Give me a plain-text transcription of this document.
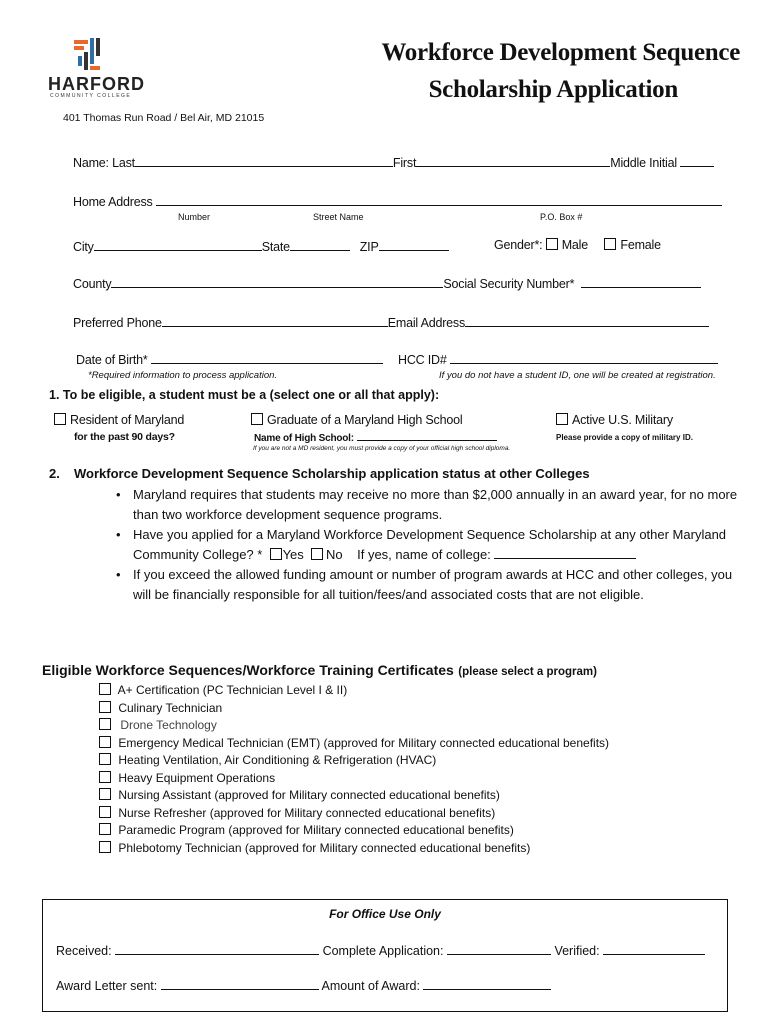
HARFORD
COMMUNITY COLLEGE
Workforce Development Sequence
Scholarship Application
401 Thomas Run Road / Bel Air, MD 21015
Name: Last	First	Middle Initial
Home Address
Number	Street Name	P.O. Box #
City	State	ZIP	Gender*: Male	Female
County	Social Security Number*
Preferred Phone	Email Address
Date of Birth*	HCC ID#
*Required information to process application.	If you do not have a student ID, one will be created at registration.
1. To be eligible, a student must be a (select one or all that apply):
Resident of Maryland
for the past 90 days?
Graduate of a Maryland High School
Name of High School:
If you are not a MD resident, you must provide a copy of your official high school diploma.
Active U.S. Military
Please provide a copy of military ID.
2. Workforce Development Sequence Scholarship application status at other Colleges
• Maryland requires that students may receive no more than $2,000 annually in an award year, for no more than two workforce development sequence programs.
• Have you applied for a Maryland Workforce Development Sequence Scholarship at any other Maryland Community College? * Yes No If yes, name of college:
• If you exceed the allowed funding amount or number of program awards at HCC and other colleges, you will be financially responsible for all tuition/fees/and associated costs that are not eligible.
Eligible Workforce Sequences/Workforce Training Certificates (please select a program)
A+ Certification (PC Technician Level I & II)
Culinary Technician
Drone Technology
Emergency Medical Technician (EMT) (approved for Military connected educational benefits)
Heating Ventilation, Air Conditioning & Refrigeration (HVAC)
Heavy Equipment Operations
Nursing Assistant (approved for Military connected educational benefits)
Nurse Refresher (approved for Military connected educational benefits)
Paramedic Program (approved for Military connected educational benefits)
Phlebotomy Technician (approved for Military connected educational benefits)
For Office Use Only
Received:	Complete Application:	Verified:
Award Letter sent:	Amount of Award:
